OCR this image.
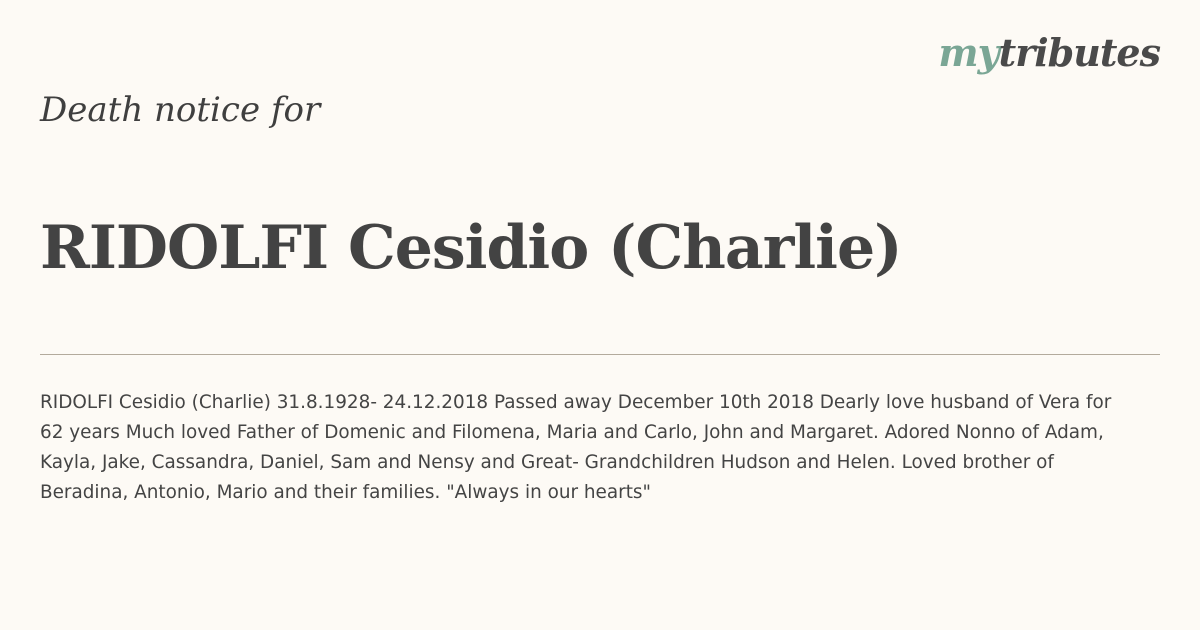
mytributes
Death notice for
RIDOLFI Cesidio (Charlie)

RIDOLFI Cesidio (Charlie) 31.8.1928- 24.12.2018 Passed away December 10th 2018 Dearly love husband of Vera for
62 years Much loved Father of Domenic and Filomena, Maria and Carlo, John and Margaret. Adored Nonno of Adam,
Kayla, Jake, Cassandra, Daniel, Sam and Nensy and Great- Grandchildren Hudson and Helen. Loved brother of
Beradina, Antonio, Mario and their families. "Always in our hearts"
